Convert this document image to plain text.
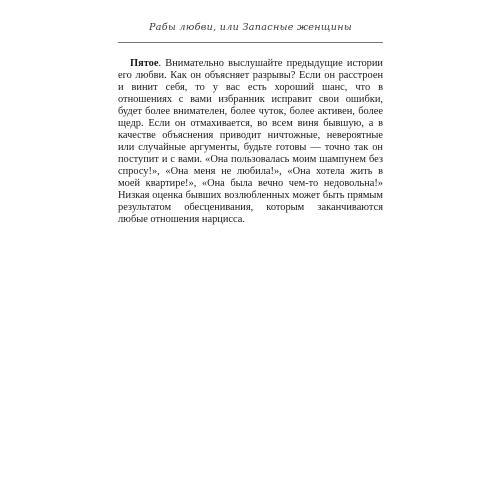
Рабы любви, или Запасные женщины

Пятое. Внимательно выслушайте предыдущие истории его любви. Как он объясняет разрывы? Если он расстроен и винит себя, то у вас есть хороший шанс, что в отношениях с вами избранник исправит свои ошибки, будет более внимателен, более чуток, более активен, более щедр. Если он отмахивается, во всем виня бывшую, а в качестве объяснения приводит ничтожные, невероятные или случайные аргументы, будьте готовы — точно так он поступит и с вами. «Она пользовалась моим шампунем без спросу!», «Она меня не любила!», «Она хотела жить в моей квартире!», «Она была вечно чем-то недовольна!» Низкая оценка бывших возлюбленных может быть прямым результатом обесценивания, которым заканчиваются любые отношения нарцисса.
